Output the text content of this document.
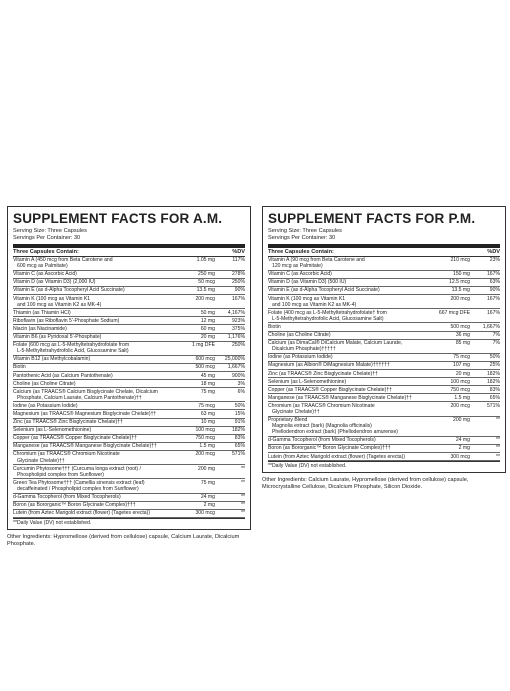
SUPPLEMENT FACTS FOR A.M.
Serving Size: Three Capsules
Servings Per Container: 30
Three Capsules Contain:	%DV
Vitamin A (450 mcg from Beta Carotene and
600 mcg as Palmitate)
1.05 mg	117%
Vitamin C (as Ascorbic Acid)	250 mg	278%
Vitamin D (as Vitamin D3) (2,000 IU)	50 mcg	250%
Vitamin E (as d-Alpha Tocopheryl Acid Succinate)	13.5 mg	90%
Vitamin K (100 mcg as Vitamin K1
and 100 mcg as Vitamin K2 as MK-4)
200 mcg	167%
Thiamin (as Thiamin HCl)	50 mg	4,167%
Riboflavin (as Riboflavin 5'-Phosphate Sodium)	12 mg	923%
Niacin (as Niacinamide)	60 mg	375%
Vitamin B6 (as Pyridoxal 5'-Phosphate)	20 mg	1,176%
Folate (600 mcg as L-5-Methyltetrahydrofolate from
L-5-Methyltetrahydrofolic Acid, Glucosamine Salt)
1 mg DFE	250%
Vitamin B12 (as Methylcobalamin)	600 mcg	25,000%
Biotin	500 mcg	1,667%
Pantothenic Acid (as Calcium Pantothenate)	45 mg	900%
Choline (as Choline Citrate)	18 mg	3%
Calcium (as TRAACS® Calcium Bisglycinate Chelate, Dicalcium
Phosphate, Calcium Laurate, Calcium Pantothenate)††
75 mg	6%
Iodine (as Potassium Iodide)	75 mcg	50%
Magnesium (as TRAACS® Magnesium Bisglycinate Chelate)††	63 mg	15%
Zinc (as TRAACS® Zinc Bisglycinate Chelate)††	10 mg	91%
Selenium (as L-Selenomethionine)	100 mcg	182%
Copper (as TRAACS® Copper Bisglycinate Chelate)††	750 mcg	83%
Manganese (as TRAACS® Manganese Bisglycinate Chelate)††	1.5 mg	65%
Chromium (as TRAACS® Chromium Nicotinate
Glycinate Chelate)††
200 mcg	571%
Curcumin Phytosome††† (Curcuma longa extract (root) /
Phospholipid complex from Sunflower)
200 mg	**
Green Tea Phytosome††† (Camellia sinensis extract (leaf)
decaffeinated / Phospholipid complex from Sunflower)
75 mg	**
d-Gamma Tocopherol (from Mixed Tocopherols)	24 mg	**
Boron (as Bororganic™ Boron Glycinate Complex)†††	2 mg	**
Lutein (from Aztec Marigold extract (flower) (Tagetes erecta))	300 mcg	**
**Daily Value (DV) not established.
Other Ingredients: Hypromellose (derived from cellulose) capsule, Calcium Laurate, Dicalcium Phosphate.
SUPPLEMENT FACTS FOR P.M.
Serving Size: Three Capsules
Servings Per Container: 30
Three Capsules Contain:	%DV
Vitamin A (90 mcg from Beta Carotene and
120 mcg as Palmitate)
210 mcg	23%
Vitamin C (as Ascorbic Acid)	150 mg	167%
Vitamin D (as Vitamin D3) (500 IU)	12.5 mcg	63%
Vitamin E (as d-Alpha Tocopheryl Acid Succinate)	13.5 mg	90%
Vitamin K (100 mcg as Vitamin K1
and 100 mcg as Vitamin K2 as MK-4)
200 mcg	167%
Folate (400 mcg as L-5-Methyltetrahydrofolate† from
L-5-Methyltetrahydrofolic Acid, Glucosamine Salt)
667 mcg DFE	167%
Biotin	500 mcg	1,667%
Choline (as Choline Citrate)	36 mg	7%
Calcium (as DimaCal® DiCalcium Malate, Calcium Laurate,
Dicalcium Phosphate)†††††
85 mg	7%
Iodine (as Potassium Iodide)	75 mcg	50%
Magnesium (as Albion® DiMagnesium Malate)††††††	107 mg	25%
Zinc (as TRAACS® Zinc Bisglycinate Chelate)††	20 mg	182%
Selenium (as L-Selenomethionine)	100 mcg	182%
Copper (as TRAACS® Copper Bisglycinate Chelate)††	750 mcg	83%
Manganese (as TRAACS® Manganese Bisglycinate Chelate)††	1.5 mg	65%
Chromium (as TRAACS® Chromium Nicotinate
Glycinate Chelate)††
200 mcg	571%
Proprietary Blend
Magnolia extract (bark) (Magnolia officinalis)
Phellodendron extract (bark) (Phellodendron amurense)
200 mg	**
d-Gamma Tocopherol (from Mixed Tocopherols)	24 mg	**
Boron (as Bororganic™ Boron Glycinate Complex)†††	2 mg	**
Lutein (from Aztec Marigold extract (flower) (Tagetes erecta))	300 mcg	**
**Daily Value (DV) not established.
Other Ingredients: Calcium Laurate, Hypromellose (derived from cellulose) capsule, Microcrystalline Cellulose, Dicalcium Phosphate, Silicon Dioxide.
